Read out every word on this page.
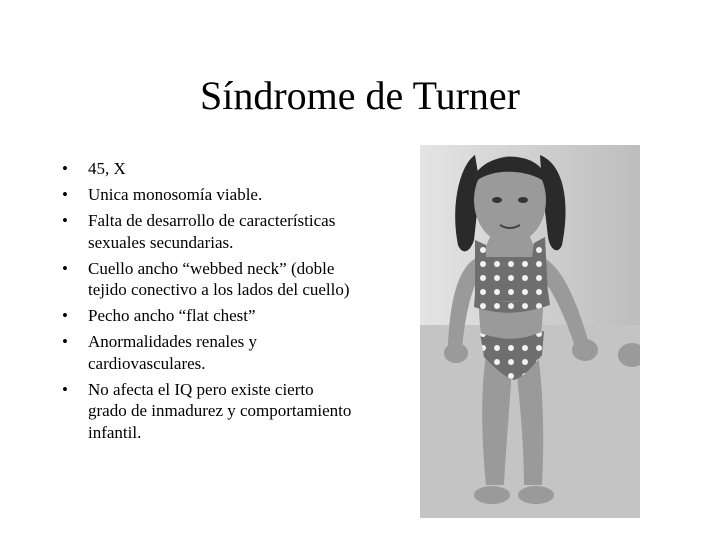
Síndrome de Turner
• 45, X
• Unica monosomía viable.
• Falta de desarrollo de características sexuales secundarias.
• Cuello ancho “webbed neck” (doble tejido conectivo a los lados del cuello)
• Pecho ancho “flat chest”
• Anormalidades renales y cardiovasculares.
• No afecta el IQ pero existe cierto grado de inmadurez y comportamiento infantil.
